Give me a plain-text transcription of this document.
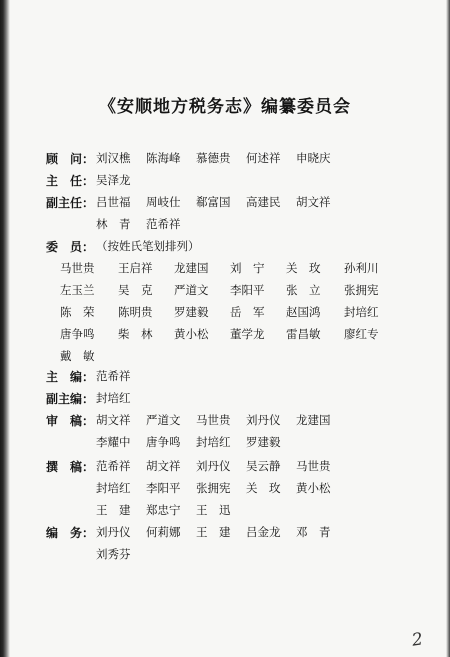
《安顺地方税务志》编纂委员会
顾　问： 刘汉樵 陈海峰 慕德贵 何述祥 申晓庆
主　任： 吴泽龙
副主任： 吕世福 周岐仕 郗富国 高建民 胡文祥
林　青 范希祥
委　员： （按姓氏笔划排列）
马世贵 王启祥 龙建国 刘　宁 关　玫 孙利川
左玉兰 吴　克 严道文 李阳平 张　立 张拥宪
陈　荣 陈明贵 罗建毅 岳　军 赵国鸿 封培红
唐争鸣 柴　林 黄小松 董学龙 雷昌敏 廖红专
戴　敏
主　编： 范希祥
副主编： 封培红
审　稿： 胡文祥 严道文 马世贵 刘丹仪 龙建国
李耀中 唐争鸣 封培红 罗建毅
撰　稿： 范希祥 胡文祥 刘丹仪 吴云静 马世贵
封培红 李阳平 张拥宪 关　玫 黄小松
王　建 郑忠宁 王　迅
编　务： 刘丹仪 何莉娜 王　建 吕金龙 邓　青
刘秀芬
2
